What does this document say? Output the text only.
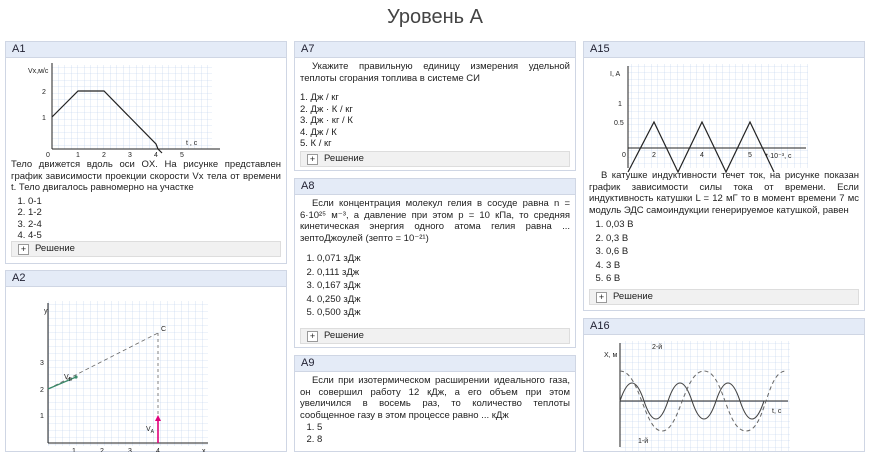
Уровень A
A1
Vx,м/c
t , c
2
1
0	1	2	3	4	5
Тело движется вдоль оси OX. На рисунке представлен график зависимости проекции скорости Vx тела от времени t. Тело двигалось равномерно на участке
1. 0-1
2. 1-2
3. 2-4
4. 4-5
+ Решение
A2
y
x
C
3
2
1
1	2	3	4
$V_B$
$V_A$
A7
Укажите правильную единицу измерения удельной теплоты сгорания топлива в системе СИ
1. Дж / кг
2. Дж · К / кг
3. Дж · кг / К
4. Дж / К
5. К / кг
+ Решение
A8
Если концентрация молекул гелия в сосуде равна n = 6·10²⁵ м⁻³, а давление при этом p = 10 кПа, то средняя кинетическая энергия одного атома гелия равна ... зептоДжоулей (зепто = 10⁻²¹)
1. 0,071 зДж
2. 0,111 зДж
3. 0,167 зДж
4. 0,250 зДж
5. 0,500 зДж
+ Решение
A9
Если при изотермическом расширении идеального газа, он совершил работу 12 кДж, а его объем при этом увеличился в восемь раз, то количество теплоты сообщенное газу в этом процессе равно ... кДж
1. 5
2. 8
A15
I, A
t·10⁻³, c
1
0.5
0	2	4	5
В катушке индуктивности течет ток, на рисунке показан график зависимости силы тока от времени. Если индуктивность катушки L = 12 мГ то в момент времени 7 мс модуль ЭДС самоиндукции генерируемое катушкой, равен
1. 0,03 В
2. 0,3 В
3. 0,6 В
4. 3 В
5. 6 В
+ Решение
A16
X, м
t, c
2-й
1-й
